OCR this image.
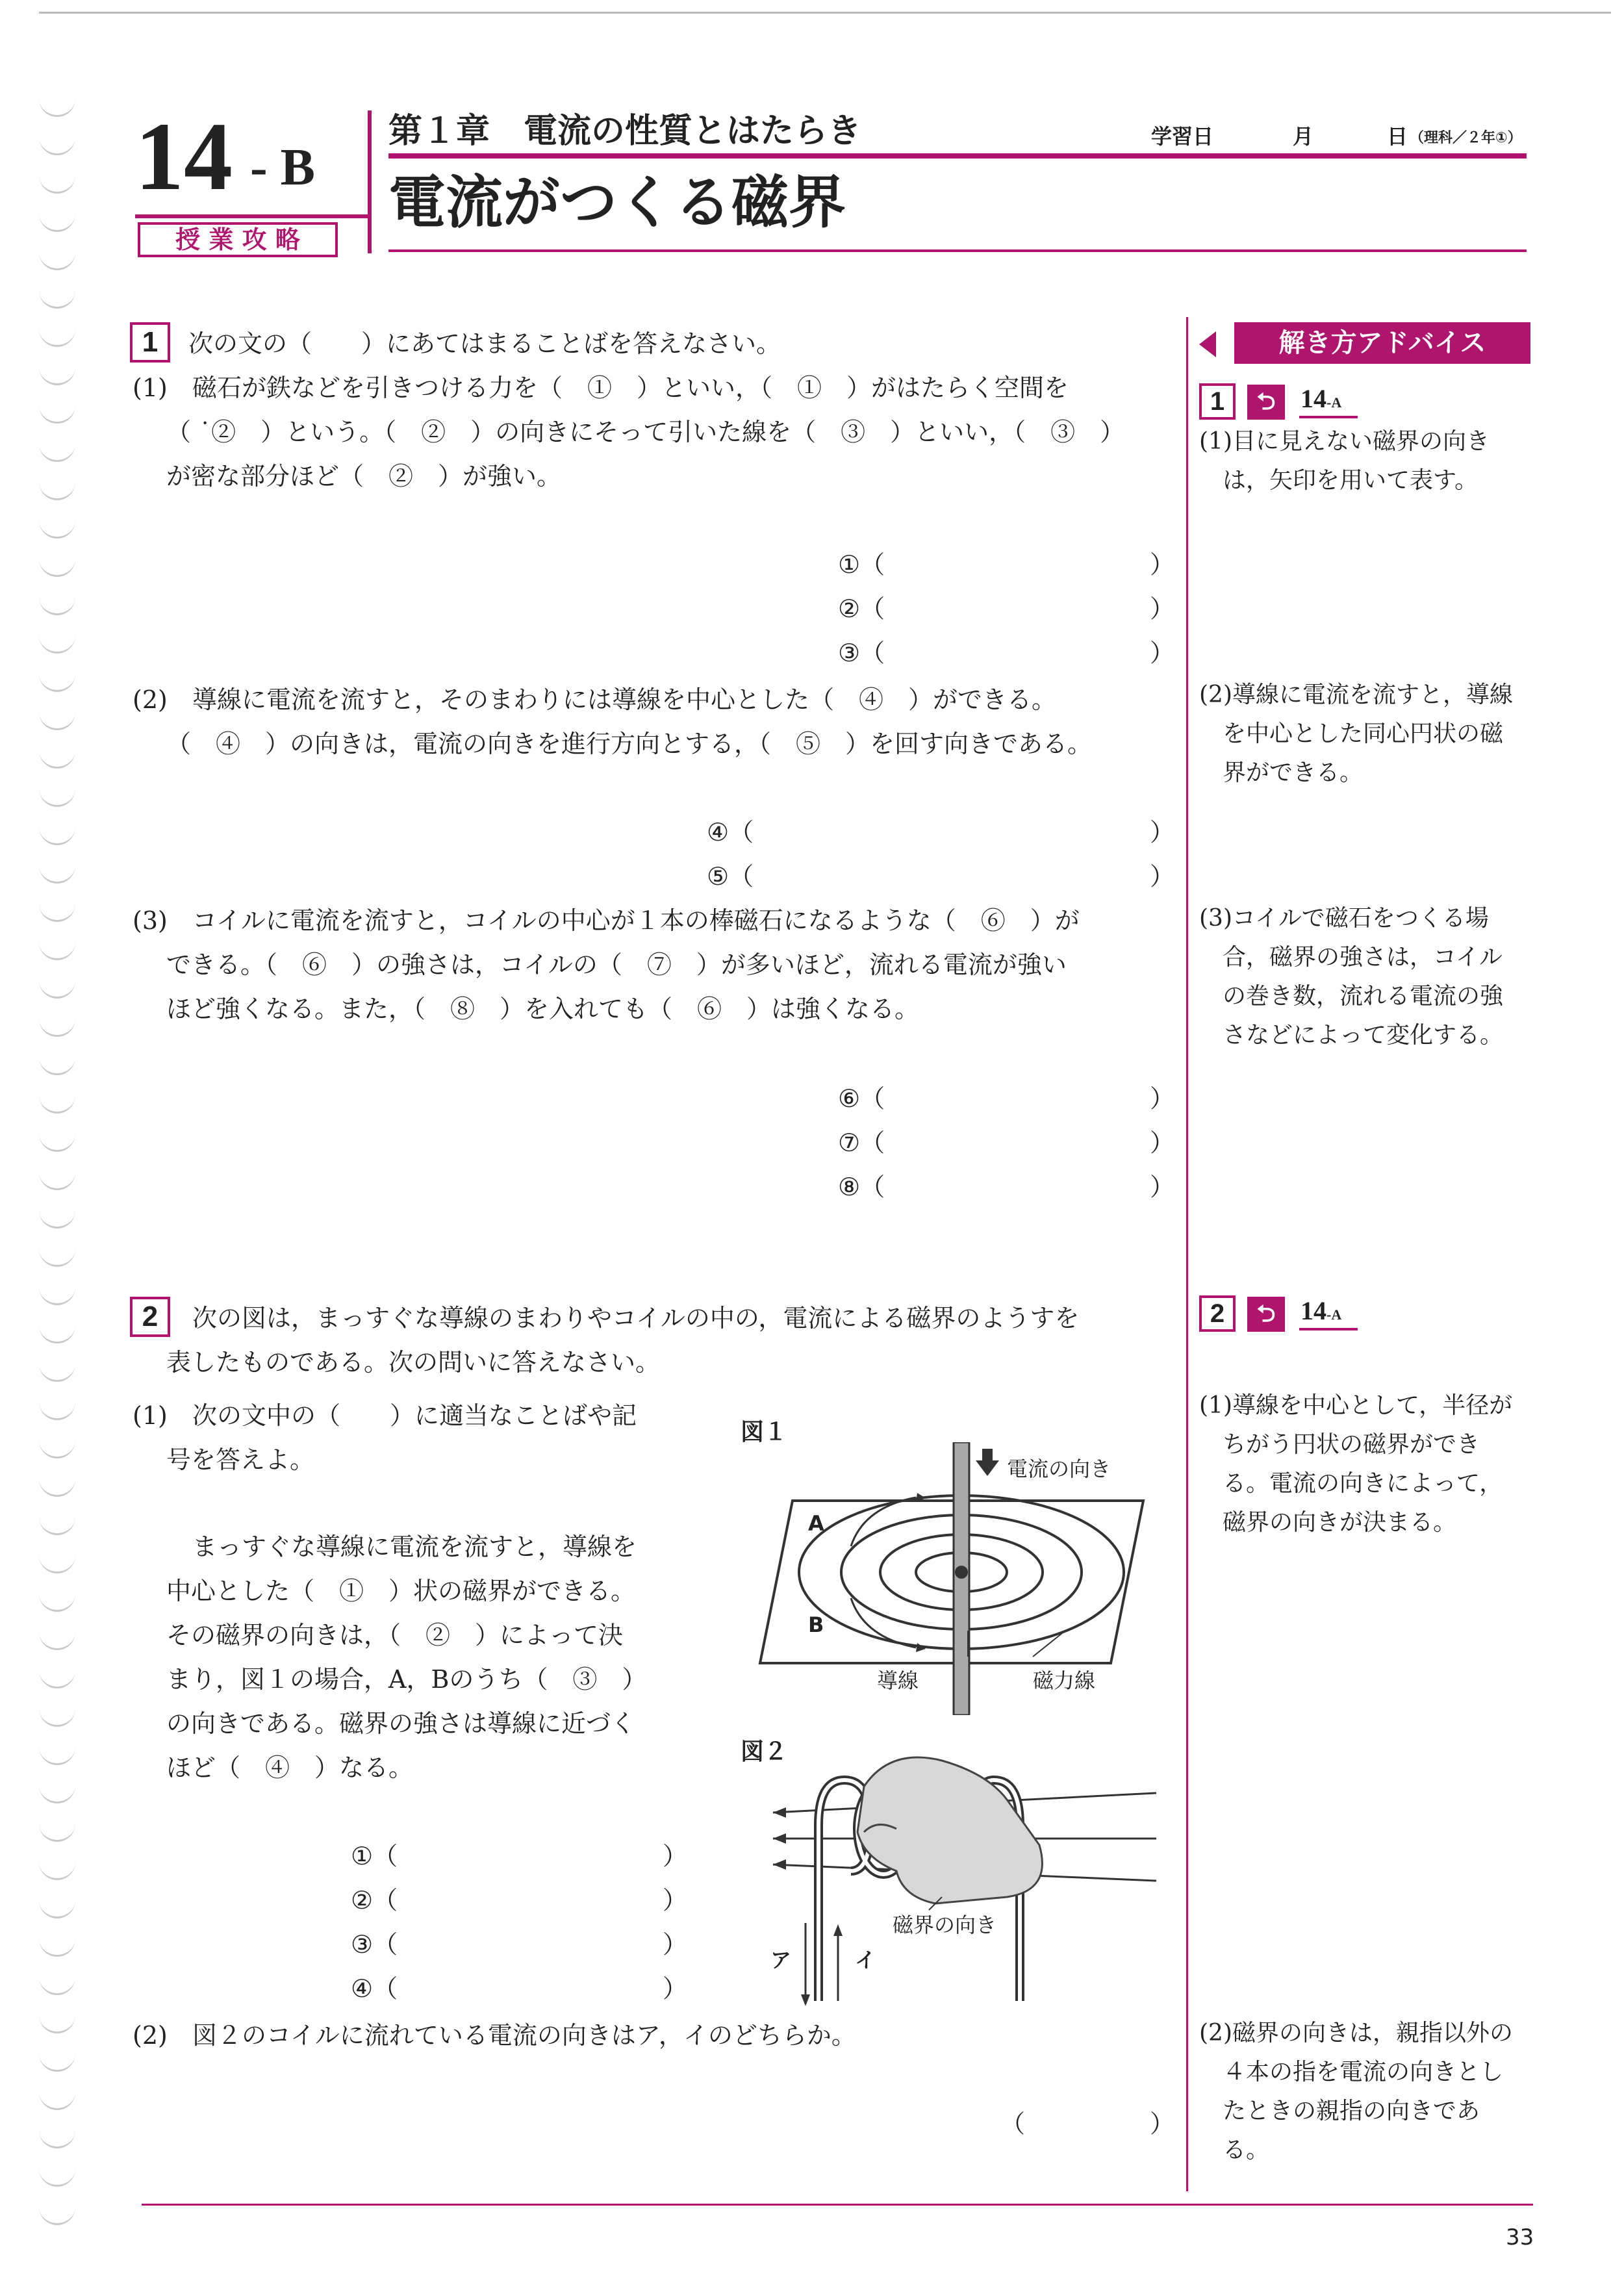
14 - B
授 業 攻 略
第１章　電流の性質とはたらき	学習日	月	日 （理科／２年①）
電流がつくる磁界
1	次の文の（　　）にあてはまることばを答えなさい。
(1) 磁石が鉄などを引きつける力を（　①　）といい，（　①　）がはたらく空間を
（ ˙②　）という。（　②　）の向きにそって引いた線を（　③　）といい，（　③　）
が密な部分ほど（　②　）が強い。
①（	）
②（	）
③（	）
(2) 導線に電流を流すと，そのまわりには導線を中心とした（　④　）ができる。
（　④　）の向きは，電流の向きを進行方向とする，（　⑤　）を回す向きである。
④（	）
⑤（	）
(3) コイルに電流を流すと，コイルの中心が１本の棒磁石になるような（　⑥　）が
できる。（　⑥　）の強さは，コイルの（　⑦　）が多いほど，流れる電流が強い
ほど強くなる。また，（　⑧　）を入れても（　⑥　）は強くなる。
⑥（	）
⑦（	）
⑧（	）
2	次の図は，まっすぐな導線のまわりやコイルの中の，電流による磁界のようすを
表したものである。次の問いに答えなさい。
(1) 次の文中の（　　）に適当なことばや記
号を答えよ。
まっすぐな導線に電流を流すと，導線を
中心とした（　①　）状の磁界ができる。
その磁界の向きは，（　②　）によって決
まり，図１の場合，A，Bのうち（　③　）
の向きである。磁界の強さは導線に近づく
ほど（　④　）なる。
①（	）
②（	）
③（	）
④（	）
(2) 図２のコイルに流れている電流の向きはア，イのどちらか。
（	）
図１
電流の向き
A
B
導線	磁力線
図２
磁界の向き
ア	イ
解き方アドバイス
1	⮌ 14-A
(1)目に見えない磁界の向き
　は，矢印を用いて表す。
(2)導線に電流を流すと，導線
　を中心とした同心円状の磁
　界ができる。
(3)コイルで磁石をつくる場
　合，磁界の強さは，コイル
　の巻き数，流れる電流の強
　さなどによって変化する。
2	⮌ 14-A
(1)導線を中心として，半径が
　ちがう円状の磁界ができ
　る。電流の向きによって，
　磁界の向きが決まる。
(2)磁界の向きは，親指以外の
　４本の指を電流の向きとし
　たときの親指の向きであ
　る。
33
